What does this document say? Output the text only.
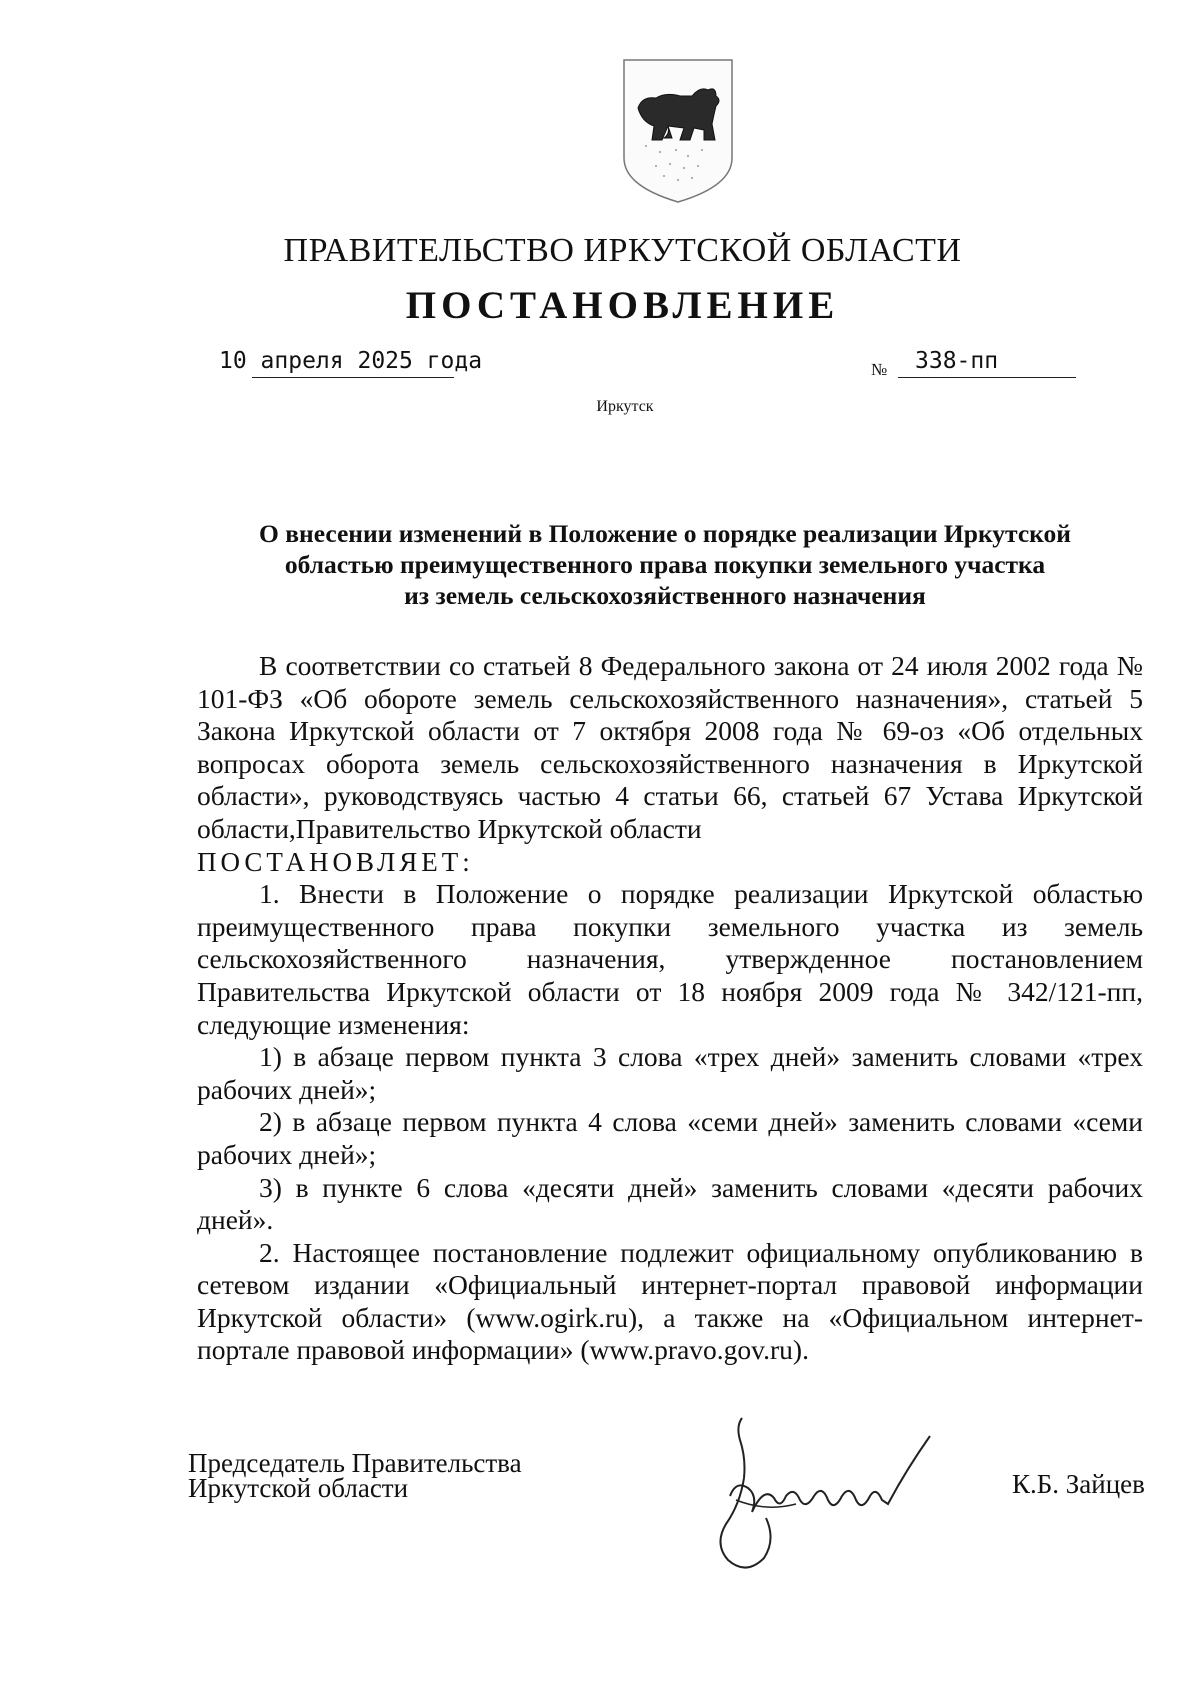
ПРАВИТЕЛЬСТВО ИРКУТСКОЙ ОБЛАСТИ
ПОСТАНОВЛЕНИЕ
10 апреля 2025 года	№ 338-пп
Иркутск
О внесении изменений в Положение о порядке реализации Иркутской
областью преимущественного права покупки земельного участка
из земель сельскохозяйственного назначения

В соответствии со статьей 8 Федерального закона от 24 июля 2002 года № 101-ФЗ «Об обороте земель сельскохозяйственного назначения», статьей 5 Закона Иркутской области от 7 октября 2008 года № 69-оз «Об отдельных вопросах оборота земель сельскохозяйственного назначения в Иркутской области», руководствуясь частью 4 статьи 66, статьей 67 Устава Иркутской области,Правительство Иркутской области

ПОСТАНОВЛЯЕТ:

1. Внести в Положение о порядке реализации Иркутской областью преимущественного права покупки земельного участка из земель сельскохозяйственного назначения, утвержденное постановлением Правительства Иркутской области от 18 ноября 2009 года № 342/121-пп, следующие изменения:

1) в абзаце первом пункта 3 слова «трех дней» заменить словами «трех рабочих дней»;

2) в абзаце первом пункта 4 слова «семи дней» заменить словами «семи рабочих дней»;

3) в пункте 6 слова «десяти дней» заменить словами «десяти рабочих дней».

2. Настоящее постановление подлежит официальному опубликованию в сетевом издании «Официальный интернет-портал правовой информации Иркутской области» (www.ogirk.ru), а также на «Официальном интернет-портале правовой информации» (www.pravo.gov.ru).

Председатель Правительства
Иркутской области	К.Б. Зайцев
